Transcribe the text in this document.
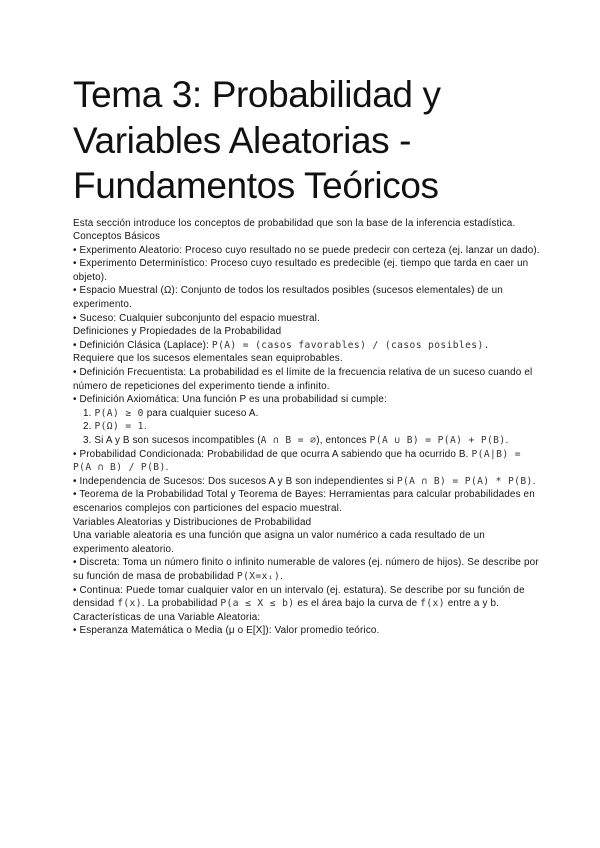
Tema 3: Probabilidad y Variables Aleatorias - Fundamentos Teóricos

Esta sección introduce los conceptos de probabilidad que son la base de la inferencia estadística.

Conceptos Básicos

• Experimento Aleatorio: Proceso cuyo resultado no se puede predecir con certeza (ej. lanzar un dado).

• Experimento Determinístico: Proceso cuyo resultado es predecible (ej. tiempo que tarda en caer un objeto).

• Espacio Muestral (Ω): Conjunto de todos los resultados posibles (sucesos elementales) de un experimento.

• Suceso: Cualquier subconjunto del espacio muestral.

Definiciones y Propiedades de la Probabilidad

• Definición Clásica (Laplace): P(A) = (casos favorables) / (casos posibles).
Requiere que los sucesos elementales sean equiprobables.

• Definición Frecuentista: La probabilidad es el límite de la frecuencia relativa de un suceso cuando el número de repeticiones del experimento tiende a infinito.

• Definición Axiomática: Una función P es una probabilidad si cumple:

1. P(A) ≥ 0 para cualquier suceso A.

2. P(Ω) = 1.

3. Si A y B son sucesos incompatibles (A ∩ B = ∅), entonces P(A ∪ B) = P(A) + P(B).

• Probabilidad Condicionada: Probabilidad de que ocurra A sabiendo que ha ocurrido B. P(A|B) = P(A ∩ B) / P(B).

• Independencia de Sucesos: Dos sucesos A y B son independientes si P(A ∩ B) = P(A) * P(B).

• Teorema de la Probabilidad Total y Teorema de Bayes: Herramientas para calcular probabilidades en escenarios complejos con particiones del espacio muestral.

Variables Aleatorias y Distribuciones de Probabilidad

Una variable aleatoria es una función que asigna un valor numérico a cada resultado de un experimento aleatorio.

• Discreta: Toma un número finito o infinito numerable de valores (ej. número de hijos). Se describe por su función de masa de probabilidad P(X=xᵢ).

• Continua: Puede tomar cualquier valor en un intervalo (ej. estatura). Se describe por su función de densidad f(x). La probabilidad P(a ≤ X ≤ b) es el área bajo la curva de f(x) entre a y b.

Características de una Variable Aleatoria:

• Esperanza Matemática o Media (μ o E[X]): Valor promedio teórico.
